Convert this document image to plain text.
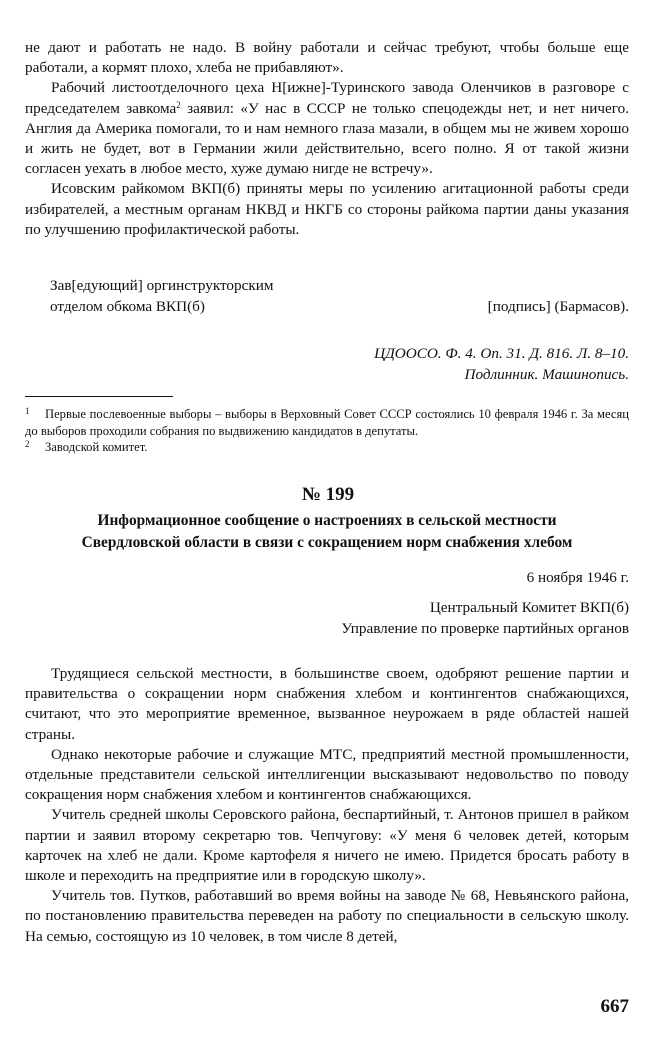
не дают и работать не надо. В войну работали и сейчас требуют, чтобы больше еще работали, а кормят плохо, хлеба не прибавляют».

Рабочий листоотделочного цеха Н[ижне]-Туринского завода Оленчиков в разговоре с председателем завкома$^2$ заявил: «У нас в СССР не только спецодежды нет, и нет ничего. Англия да Америка помогали, то и нам немного глаза мазали, в общем мы не живем хорошо и жить не будет, вот в Германии жили действительно, всего полно. Я от такой жизни согласен уехать в любое место, хуже думаю нигде не встречу».

Исовским райкомом ВКП(б) приняты меры по усилению агитационной работы среди избирателей, а местным органам НКВД и НКГБ со стороны райкома партии даны указания по улучшению профилактической работы.

Зав[едующий] оргинструкторским
отделом обкома ВКП(б)	[подпись] (Бармасов).
ЦДООСО. Ф. 4. Оп. 31. Д. 816. Л. 8–10.
Подлинник. Машинопись.
1 Первые послевоенные выборы – выборы в Верховный Совет СССР состоялись 10 февраля 1946 г. За месяц до выборов проходили собрания по выдвижению кандидатов в депутаты.
2 Заводской комитет.
№ 199
Информационное сообщение о настроениях в сельской местности
Свердловской области в связи с сокращением норм снабжения хлебом
6 ноября 1946 г.
Центральный Комитет ВКП(б)
Управление по проверке партийных органов

Трудящиеся сельской местности, в большинстве своем, одобряют решение партии и правительства о сокращении норм снабжения хлебом и контингентов снабжающихся, считают, что это мероприятие временное, вызванное неурожаем в ряде областей нашей страны.

Однако некоторые рабочие и служащие МТС, предприятий местной промышленности, отдельные представители сельской интеллигенции высказывают недовольство по поводу сокращения норм снабжения хлебом и контингентов снабжающихся.

Учитель средней школы Серовского района, беспартийный, т. Антонов пришел в райком партии и заявил второму секретарю тов. Чепчугову: «У меня 6 человек детей, которым карточек на хлеб не дали. Кроме картофеля я ничего не имею. Придется бросать работу в школе и переходить на предприятие или в городскую школу».

Учитель тов. Путков, работавший во время войны на заводе № 68, Невьянского района, по постановлению правительства переведен на работу по специальности в сельскую школу. На семью, состоящую из 10 человек, в том числе 8 детей,

667
